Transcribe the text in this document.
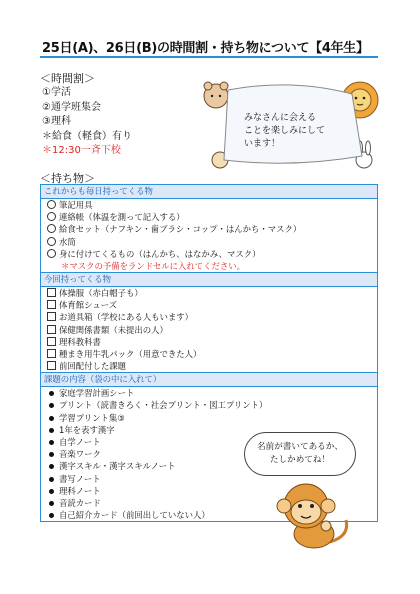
25日(A)、26日(B)の時間割・持ち物について【4年生】
＜時間割＞
①学活
②通学班集会
③理科
＊給食（軽食）有り
＊12:30一斉下校
みなさんに会える
ことを楽しみにして
います！
＜持ち物＞
これからも毎日持ってくる物
筆記用具
連絡帳（体温を測って記入する）
給食セット（ナフキン・歯ブラシ・コップ・はんかち・マスク）
水筒
身に付けてくるもの（はんかち、はなかみ、マスク）
＊マスクの予備をランドセルに入れてください。
今回持ってくる物
体操服（赤白帽子も）
体育館シューズ
お道具箱（学校にある人もいます）
保健関係書類（未提出の人）
理科教科書
種まき用牛乳パック（用意できた人）
前回配付した課題
課題の内容（袋の中に入れて）
家庭学習計画シート
プリント（読書きろく・社会プリント・図工プリント）
学習プリント集③
1年を表す漢字
自学ノート
音楽ワーク
漢字スキル・漢字スキルノート
書写ノート
理科ノート
音読カード
自己紹介カード（前回出していない人）
名前が書いてあるか、
たしかめてね！
